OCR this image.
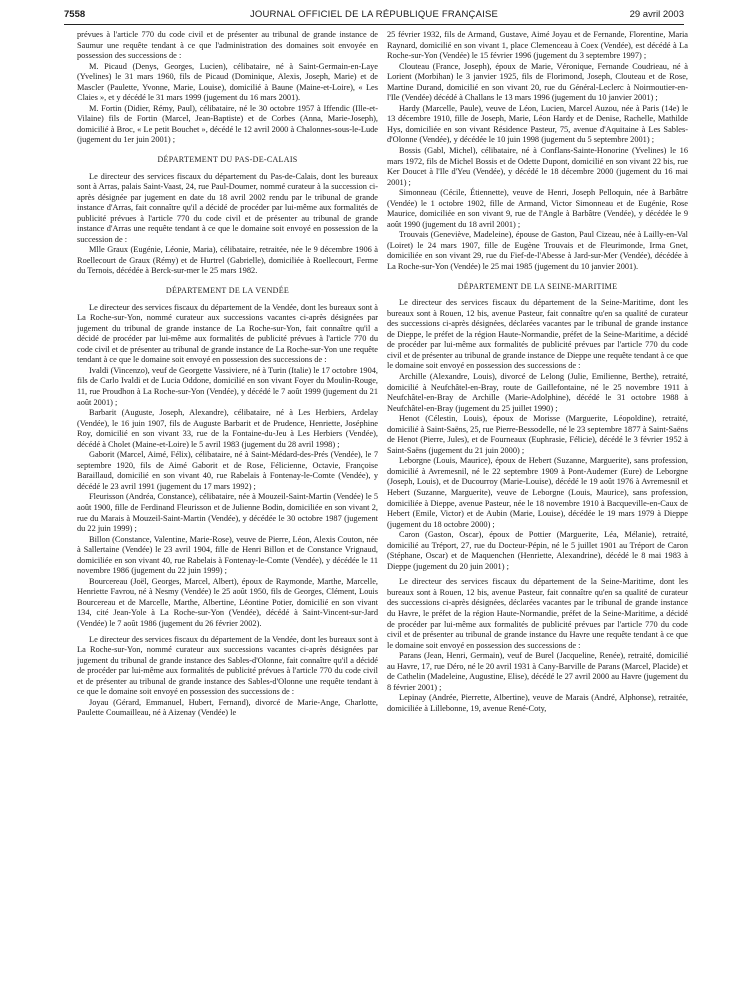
7558	JOURNAL OFFICIEL DE LA RÉPUBLIQUE FRANÇAISE	29 avril 2003

prévues à l'article 770 du code civil et de présenter au tribunal de grande instance de Saumur une requête tendant à ce que l'administration des domaines soit envoyée en possession des successions de :

M. Picaud (Denys, Georges, Lucien), célibataire, né à Saint-Germain-en-Laye (Yvelines) le 31 mars 1960, fils de Picaud (Dominique, Alexis, Joseph, Marie) et de Mascler (Paulette, Yvonne, Marie, Louise), domicilié à Baune (Maine-et-Loire), « Les Claies », et y décédé le 31 mars 1999 (jugement du 16 mars 2001).

M. Fortin (Didier, Rémy, Paul), célibataire, né le 30 octobre 1957 à Iffendic (Ille-et-Vilaine) fils de Fortin (Marcel, Jean-Baptiste) et de Corbes (Anna, Marie-Joseph), domicilié à Broc, « Le petit Bouchet », décédé le 12 avril 2000 à Chalonnes-sous-le-Lude (jugement du 1er juin 2001) ;

DÉPARTEMENT DU PAS-DE-CALAIS

Le directeur des services fiscaux du département du Pas-de-Calais, dont les bureaux sont à Arras, palais Saint-Vaast, 24, rue Paul-Doumer, nommé curateur à la succession ci-après désignée par jugement en date du 18 avril 2002 rendu par le tribunal de grande instance d'Arras, fait connaître qu'il a décidé de procéder par lui-même aux formalités de publicité prévues à l'article 770 du code civil et de présenter au tribunal de grande instance d'Arras une requête tendant à ce que le domaine soit envoyé en possession de la succession de :

Mlle Graux (Eugénie, Léonie, Maria), célibataire, retraitée, née le 9 décembre 1906 à Roellecourt de Graux (Rémy) et de Hurtrel (Gabrielle), domiciliée à Roellecourt, Ferme du Ternois, décédée à Berck-sur-mer le 25 mars 1982.

DÉPARTEMENT DE LA VENDÉE

Le directeur des services fiscaux du département de la Vendée, dont les bureaux sont à La Roche-sur-Yon, nommé curateur aux successions vacantes ci-après désignées par jugement du tribunal de grande instance de La Roche-sur-Yon, fait connaître qu'il a décidé de procéder par lui-même aux formalités de publicité prévues à l'article 770 du code civil et de présenter au tribunal de grande instance de La Roche-sur-Yon une requête tendant à ce que le domaine soit envoyé en possession des successions de :

Ivaldi (Vincenzo), veuf de Georgette Vassiviere, né à Turin (Italie) le 17 octobre 1904, fils de Carlo Ivaldi et de Lucia Oddone, domicilié en son vivant Foyer du Moulin-Rouge, 11, rue Proudhon à La Roche-sur-Yon (Vendée), y décédé le 7 août 1999 (jugement du 21 août 2001) ;

Barbarit (Auguste, Joseph, Alexandre), célibataire, né à Les Herbiers, Ardelay (Vendée), le 16 juin 1907, fils de Auguste Barbarit et de Prudence, Henriette, Joséphine Roy, domicilié en son vivant 33, rue de la Fontaine-du-Jeu à Les Herbiers (Vendée), décédé à Cholet (Maine-et-Loire) le 5 avril 1983 (jugement du 28 avril 1998) ;

Gaborit (Marcel, Aimé, Félix), célibataire, né à Saint-Médard-des-Prés (Vendée), le 7 septembre 1920, fils de Aimé Gaborit et de Rose, Félicienne, Octavie, Françoise Baraillaud, domicilié en son vivant 40, rue Rabelais à Fontenay-le-Comte (Vendée), y décédé le 23 avril 1991 (jugement du 17 mars 1992) ;

Fleurisson (Andréa, Constance), célibataire, née à Mouzeil-Saint-Martin (Vendée) le 5 août 1900, fille de Ferdinand Fleurisson et de Julienne Bodin, domiciliée en son vivant 2, rue du Marais à Mouzeil-Saint-Martin (Vendée), y décédée le 30 octobre 1987 (jugement du 22 juin 1999) ;

Billon (Constance, Valentine, Marie-Rose), veuve de Pierre, Léon, Alexis Couton, née à Sallertaine (Vendée) le 23 avril 1904, fille de Henri Billon et de Constance Vrignaud, domiciliée en son vivant 40, rue Rabelais à Fontenay-le-Comte (Vendée), y décédée le 11 novembre 1986 (jugement du 22 juin 1999) ;

Bourcereau (Joël, Georges, Marcel, Albert), époux de Raymonde, Marthe, Marcelle, Henriette Favrou, né à Nesmy (Vendée) le 25 août 1950, fils de Georges, Clément, Louis Bourcereau et de Marcelle, Marthe, Albertine, Léontine Potier, domicilié en son vivant 134, cité Jean-Yole à La Roche-sur-Yon (Vendée), décédé à Saint-Vincent-sur-Jard (Vendée) le 7 août 1986 (jugement du 26 février 2002).

Le directeur des services fiscaux du département de la Vendée, dont les bureaux sont à La Roche-sur-Yon, nommé curateur aux successions vacantes ci-après désignées par jugement du tribunal de grande instance des Sables-d'Olonne, fait connaître qu'il a décidé de procéder par lui-même aux formalités de publicité prévues à l'article 770 du code civil et de présenter au tribunal de grande instance des Sables-d'Olonne une requête tendant à ce que le domaine soit envoyé en possession des successions de :

Joyau (Gérard, Emmanuel, Hubert, Fernand), divorcé de Marie-Ange, Charlotte, Paulette Coumailleau, né à Aizenay (Vendée) le

25 février 1932, fils de Armand, Gustave, Aimé Joyau et de Fernande, Florentine, Maria Raynard, domicilié en son vivant 1, place Clemenceau à Coex (Vendée), est décédé à La Roche-sur-Yon (Vendée) le 15 février 1996 (jugement du 3 septembre 1997) ;

Clouteau (France, Joseph), époux de Marie, Véronique, Fernande Coudrieau, né à Lorient (Morbihan) le 3 janvier 1925, fils de Florimond, Joseph, Clouteau et de Rose, Martine Durand, domicilié en son vivant 20, rue du Général-Leclerc à Noirmoutier-en-l'Ile (Vendée) décédé à Challans le 13 mars 1996 (jugement du 10 janvier 2001) ;

Hardy (Marcelle, Paule), veuve de Léon, Lucien, Marcel Auzou, née à Paris (14e) le 13 décembre 1910, fille de Joseph, Marie, Léon Hardy et de Denise, Rachelle, Mathilde Hys, domiciliée en son vivant Résidence Pasteur, 75, avenue d'Aquitaine à Les Sables-d'Olonne (Vendée), y décédée le 10 juin 1998 (jugement du 5 septembre 2001) ;

Bossis (Gabl, Michel), célibataire, né à Conflans-Sainte-Honorine (Yvelines) le 16 mars 1972, fils de Michel Bossis et de Odette Dupont, domicilié en son vivant 22 bis, rue Ker Doucet à l'Ile d'Yeu (Vendée), y décédé le 18 décembre 2000 (jugement du 16 mai 2001) ;

Simonneau (Cécile, Étiennette), veuve de Henri, Joseph Pelloquin, née à Barbâtre (Vendée) le 1 octobre 1902, fille de Armand, Victor Simonneau et de Eugénie, Rose Maurice, domiciliée en son vivant 9, rue de l'Angle à Barbâtre (Vendée), y décédée le 9 août 1990 (jugement du 18 avril 2001) ;

Trouvais (Geneviève, Madeleine), épouse de Gaston, Paul Cizeau, née à Lailly-en-Val (Loiret) le 24 mars 1907, fille de Eugène Trouvais et de Fleurimonde, Irma Gnet, domiciliée en son vivant 29, rue du Fief-de-l'Abesse à Jard-sur-Mer (Vendée), décédée à La Roche-sur-Yon (Vendée) le 25 mai 1985 (jugement du 10 janvier 2001).

DÉPARTEMENT DE LA SEINE-MARITIME

Le directeur des services fiscaux du département de la Seine-Maritime, dont les bureaux sont à Rouen, 12 bis, avenue Pasteur, fait connaître qu'en sa qualité de curateur des successions ci-après désignées, déclarées vacantes par le tribunal de grande instance de Dieppe, le préfet de la région Haute-Normandie, préfet de la Seine-Maritime, a décidé de procéder par lui-même aux formalités de publicité prévues par l'article 770 du code civil et de présenter au tribunal de grande instance de Dieppe une requête tendant à ce que le domaine soit envoyé en possession des successions de :

Archille (Alexandre, Louis), divorcé de Lelong (Julie, Emilienne, Berthe), retraité, domicilié à Neufchâtel-en-Bray, route de Gaillefontaine, né le 25 novembre 1911 à Neufchâtel-en-Bray de Archille (Marie-Adolphine), décédé le 31 octobre 1988 à Neufchâtel-en-Bray (jugement du 25 juillet 1990) ;

Henot (Célestin, Louis), époux de Morisse (Marguerite, Léopoldine), retraité, domicilié à Saint-Saëns, 25, rue Pierre-Bessodelle, né le 23 septembre 1877 à Saint-Saëns de Henot (Pierre, Jules), et de Fourneaux (Euphrasie, Félicie), décédé le 3 février 1952 à Saint-Saëns (jugement du 21 juin 2000) ;

Leborgne (Louis, Maurice), époux de Hebert (Suzanne, Marguerite), sans profession, domicilié à Avremesnil, né le 22 septembre 1909 à Pont-Audemer (Eure) de Leborgne (Joseph, Louis), et de Ducourroy (Marie-Louise), décédé le 19 août 1976 à Avremesnil et Hebert (Suzanne, Marguerite), veuve de Leborgne (Louis, Maurice), sans profession, domiciliée à Dieppe, avenue Pasteur, née le 18 novembre 1910 à Bacqueville-en-Caux de Hebert (Emile, Victor) et de Aubin (Marie, Louise), décédée le 19 mars 1979 à Dieppe (jugement du 18 octobre 2000) ;

Caron (Gaston, Oscar), époux de Pottier (Marguerite, Léa, Mélanie), retraité, domicilié au Tréport, 27, rue du Docteur-Pépin, né le 5 juillet 1901 au Tréport de Caron (Stéphane, Oscar) et de Maquenchen (Henriette, Alexandrine), décédé le 8 mai 1983 à Dieppe (jugement du 20 juin 2001) ;

Le directeur des services fiscaux du département de la Seine-Maritime, dont les bureaux sont à Rouen, 12 bis, avenue Pasteur, fait connaître qu'en sa qualité de curateur des successions ci-après désignées, déclarées vacantes par le tribunal de grande instance du Havre, le préfet de la région Haute-Normandie, préfet de la Seine-Maritime, a décidé de procéder par lui-même aux formalités de publicité prévues par l'article 770 du code civil et de présenter au tribunal de grande instance du Havre une requête tendant à ce que le domaine soit envoyé en possession des successions de :

Parans (Jean, Henri, Germain), veuf de Burel (Jacqueline, Renée), retraité, domicilié au Havre, 17, rue Déro, né le 20 avril 1931 à Cany-Barville de Parans (Marcel, Placide) et de Cathelin (Madeleine, Augustine, Elise), décédé le 27 avril 2000 au Havre (jugement du 8 février 2001) ;

Lepinay (Andrée, Pierrette, Albertine), veuve de Marais (André, Alphonse), retraitée, domiciliée à Lillebonne, 19, avenue René-Coty,
